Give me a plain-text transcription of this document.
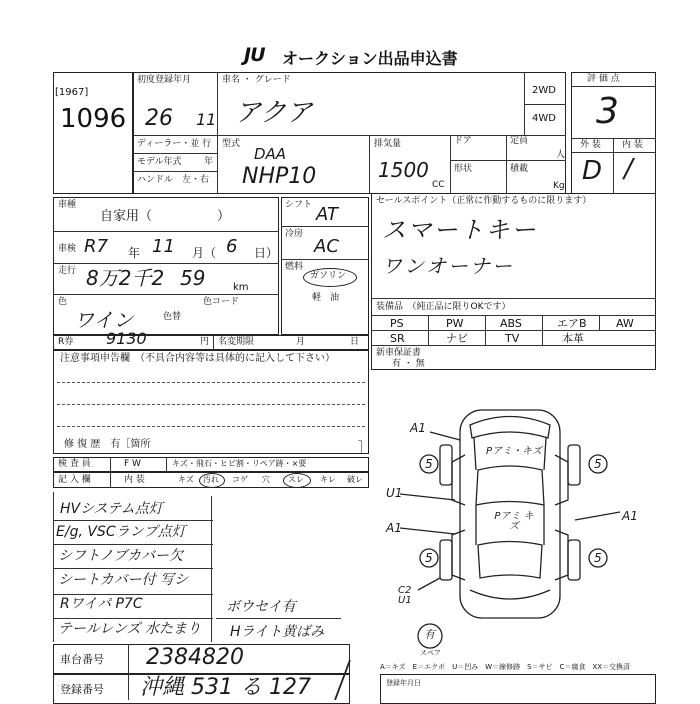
JU オークション出品申込書
[1967]
1096
初度登録年月
26 11
ディーラー・並 行
モデル年式 年
ハンドル　左・右
車名 ・ グレード
アクア
型式
DAA
NHP10
排気量
1500
CC
ドア	定員
人
形状	積載
Kg
2WD
4WD
評 価 点
3
外 装 内 装
D /
車種
自家用（　　　　　）
車検 R7 年 11 月（ 6 日）
走行 8万2千2 59	km
色
ワイン	色替
色コード
シフト AT
冷房
AC
燃料
ガソリン
軽　油
セールスポイント（正常に作動するものに限ります）
スマートキー
ワンオーナー
装備品　（純正品に限りOKです）
PS	PW	ABS	エアB	AW
SR	ナビ	TV	本革
新車保証書
有 ・ 無
R券 9130	円 名変期限	月	日
注意事項申告欄　（不具合内容等は具体的に記入して下さい）
修 復 歴　有［箇所	］
検 査 員	F W	キズ・飛石・ヒビ割・リペア跡・×要
記 入 欄	内 装	キズ 汚れ コゲ 穴 スレ キレ 破レ
HVシステム点灯
E/g, VSCランプ点灯
シフトノブカバー欠
シートカバー付 写シ
Rワイパ P7C
テールレンズ 水たまり
ボウセイ有
Hライト黄ばみ
A1
5	5
Pアミ・キズ
U1
Pアミ キズ
A1
A1
5	5
C2 U1
有
スペア
車台番号 2384820
登録番号 沖縄 531 る 127
A＝キズ　E＝エクボ　U＝凹み　W＝線修跡　S＝サビ　C＝腐食　XX＝交換済
登録年月日
